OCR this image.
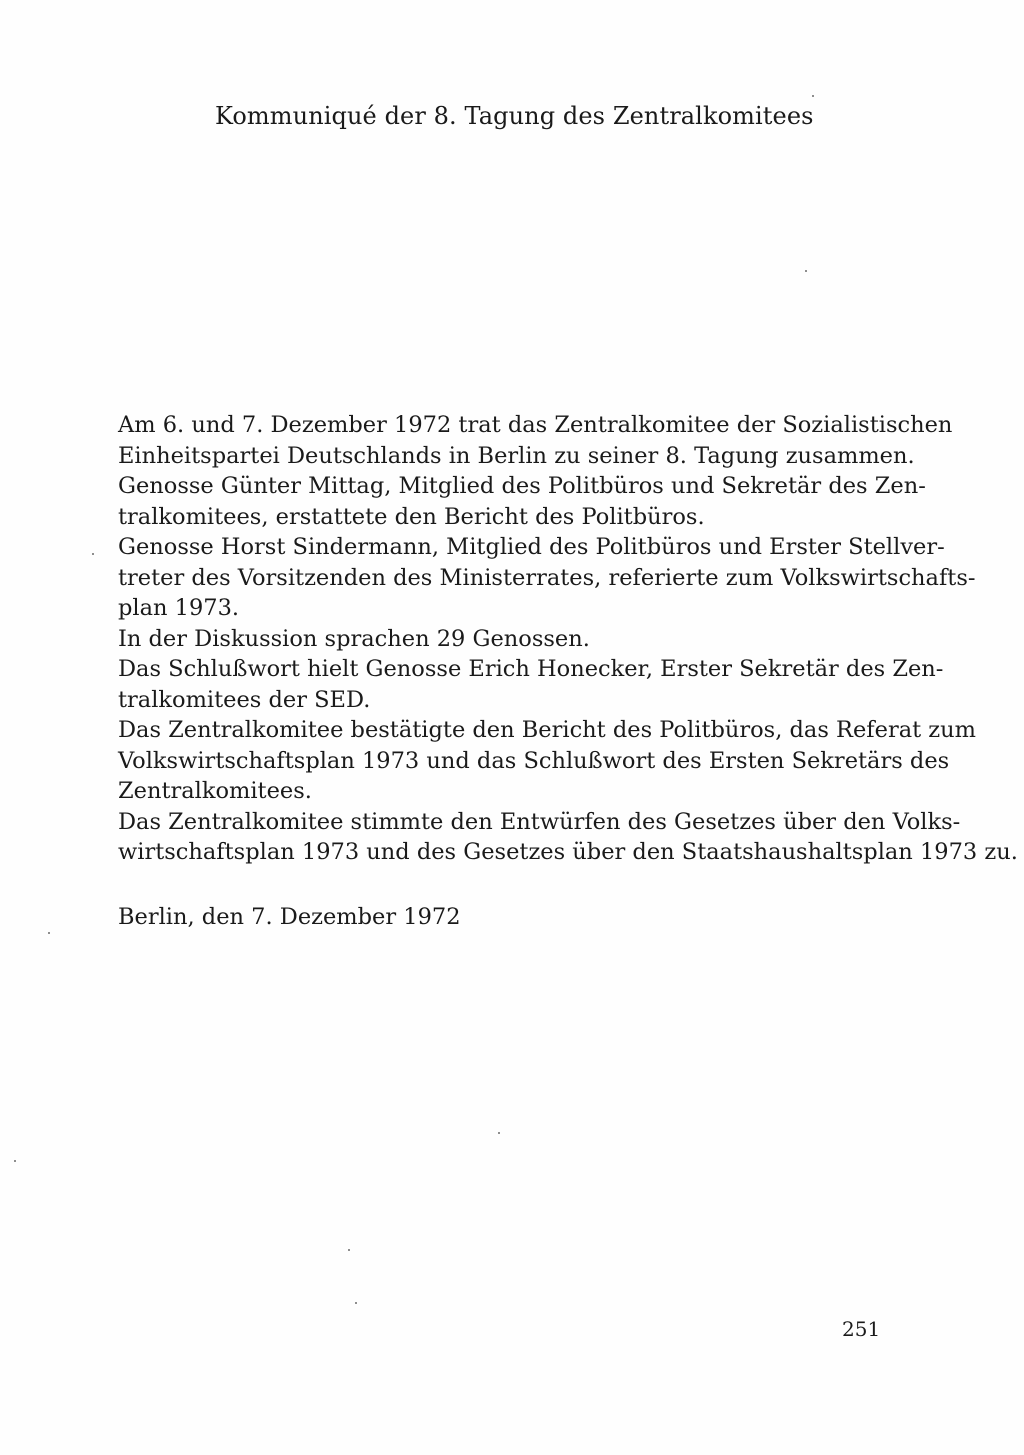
Kommuniqué der 8. Tagung des Zentralkomitees
Am 6. und 7. Dezember 1972 trat das Zentralkomitee der Sozialistischen
Einheitspartei Deutschlands in Berlin zu seiner 8. Tagung zusammen.
Genosse Günter Mittag, Mitglied des Politbüros und Sekretär des Zen-
tralkomitees, erstattete den Bericht des Politbüros.
Genosse Horst Sindermann, Mitglied des Politbüros und Erster Stellver-
treter des Vorsitzenden des Ministerrates, referierte zum Volkswirtschafts-
plan 1973.
In der Diskussion sprachen 29 Genossen.
Das Schlußwort hielt Genosse Erich Honecker, Erster Sekretär des Zen-
tralkomitees der SED.
Das Zentralkomitee bestätigte den Bericht des Politbüros, das Referat zum
Volkswirtschaftsplan 1973 und das Schlußwort des Ersten Sekretärs des
Zentralkomitees.
Das Zentralkomitee stimmte den Entwürfen des Gesetzes über den Volks-
wirtschaftsplan 1973 und des Gesetzes über den Staatshaushaltsplan 1973 zu.
Berlin, den 7. Dezember 1972
251
